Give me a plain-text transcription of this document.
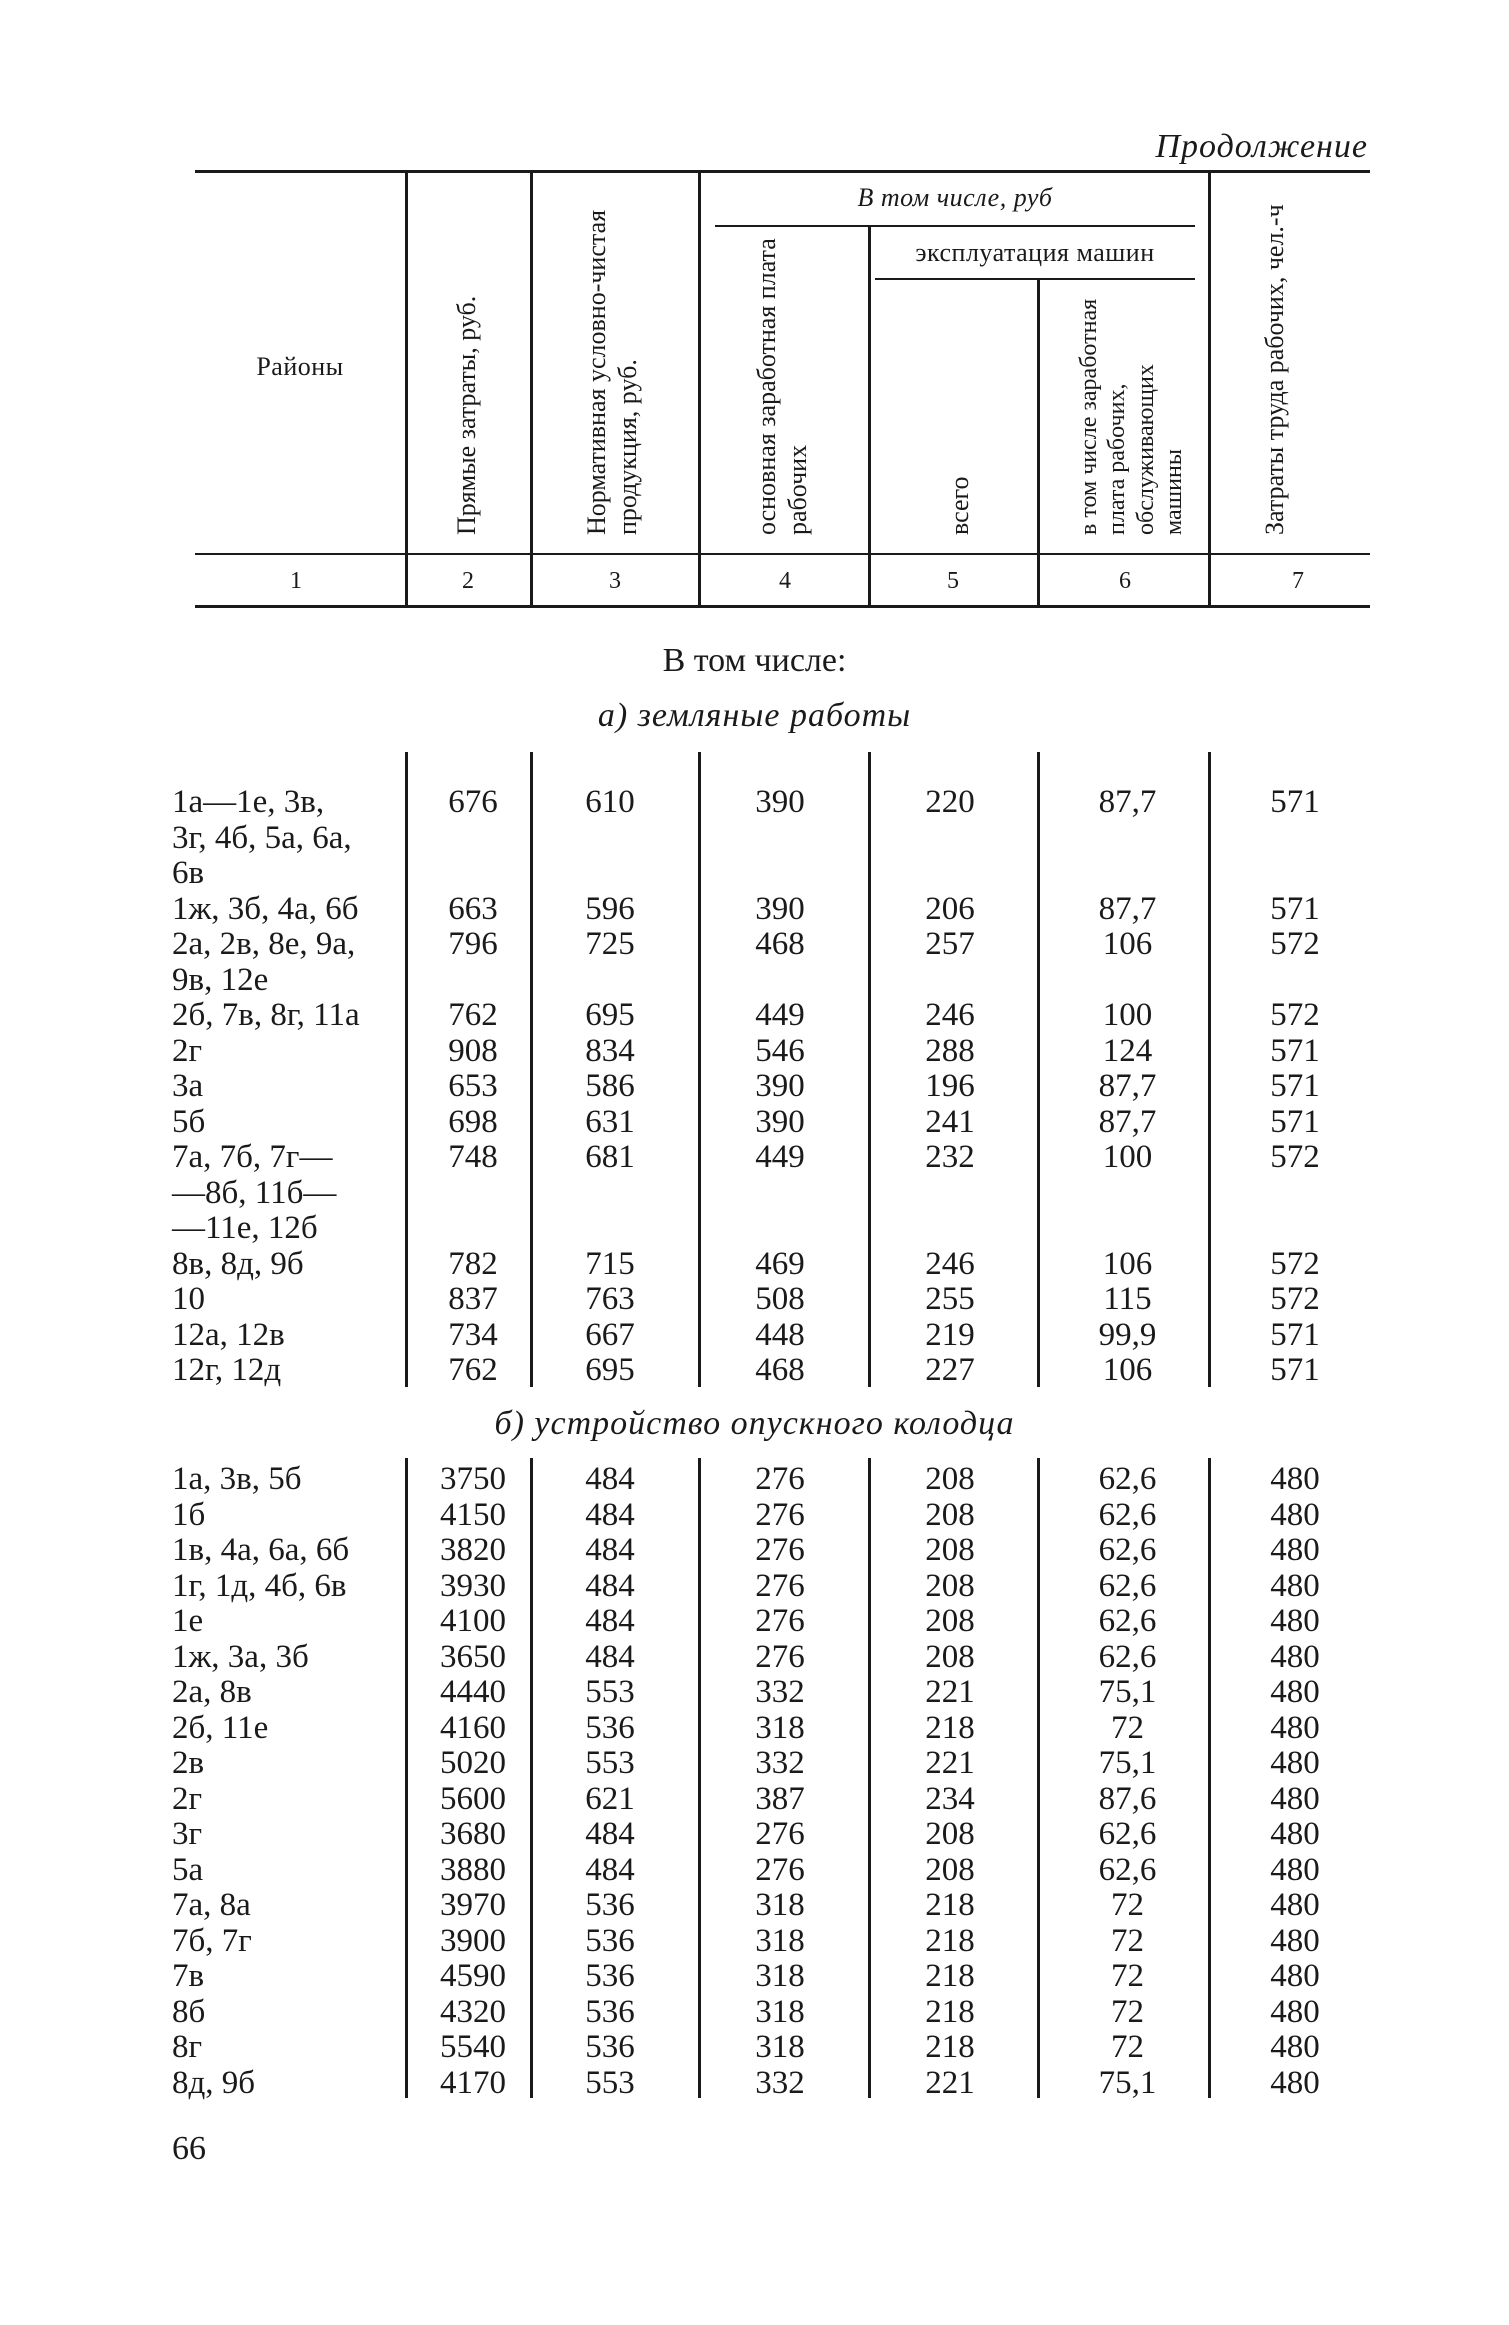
Продолжение
Районы
В том числе, руб
эксплуатация машин
Прямые затраты, руб.	Нормативная условно-чистая продукция, руб.	основная заработная плата рабочих	всего	в том числе заработная плата рабочих, обслуживающих машины	Затраты труда рабочих, чел.-ч
1	2	3	4	5	6	7
В том числе:
а) земляные работы
1а—1е, 3в,	676	610	390	220	87,7	571
3г, 4б, 5а, 6а,
6в
1ж, 3б, 4а, 6б	663	596	390	206	87,7	571
2а, 2в, 8е, 9а,	796	725	468	257	106	572
9в, 12е
2б, 7в, 8г, 11а	762	695	449	246	100	572
2г	908	834	546	288	124	571
3а	653	586	390	196	87,7	571
5б	698	631	390	241	87,7	571
7а, 7б, 7г—	748	681	449	232	100	572
—8б, 11б—
—11е, 12б
8в, 8д, 9б	782	715	469	246	106	572
10	837	763	508	255	115	572
12а, 12в	734	667	448	219	99,9	571
12г, 12д	762	695	468	227	106	571
б) устройство опускного колодца
1а, 3в, 5б	3750	484	276	208	62,6	480
1б	4150	484	276	208	62,6	480
1в, 4а, 6а, 6б	3820	484	276	208	62,6	480
1г, 1д, 4б, 6в	3930	484	276	208	62,6	480
1е	4100	484	276	208	62,6	480
1ж, 3а, 3б	3650	484	276	208	62,6	480
2а, 8в	4440	553	332	221	75,1	480
2б, 11е	4160	536	318	218	72	480
2в	5020	553	332	221	75,1	480
2г	5600	621	387	234	87,6	480
3г	3680	484	276	208	62,6	480
5а	3880	484	276	208	62,6	480
7а, 8а	3970	536	318	218	72	480
7б, 7г	3900	536	318	218	72	480
7в	4590	536	318	218	72	480
8б	4320	536	318	218	72	480
8г	5540	536	318	218	72	480
8д, 9б	4170	553	332	221	75,1	480
66
